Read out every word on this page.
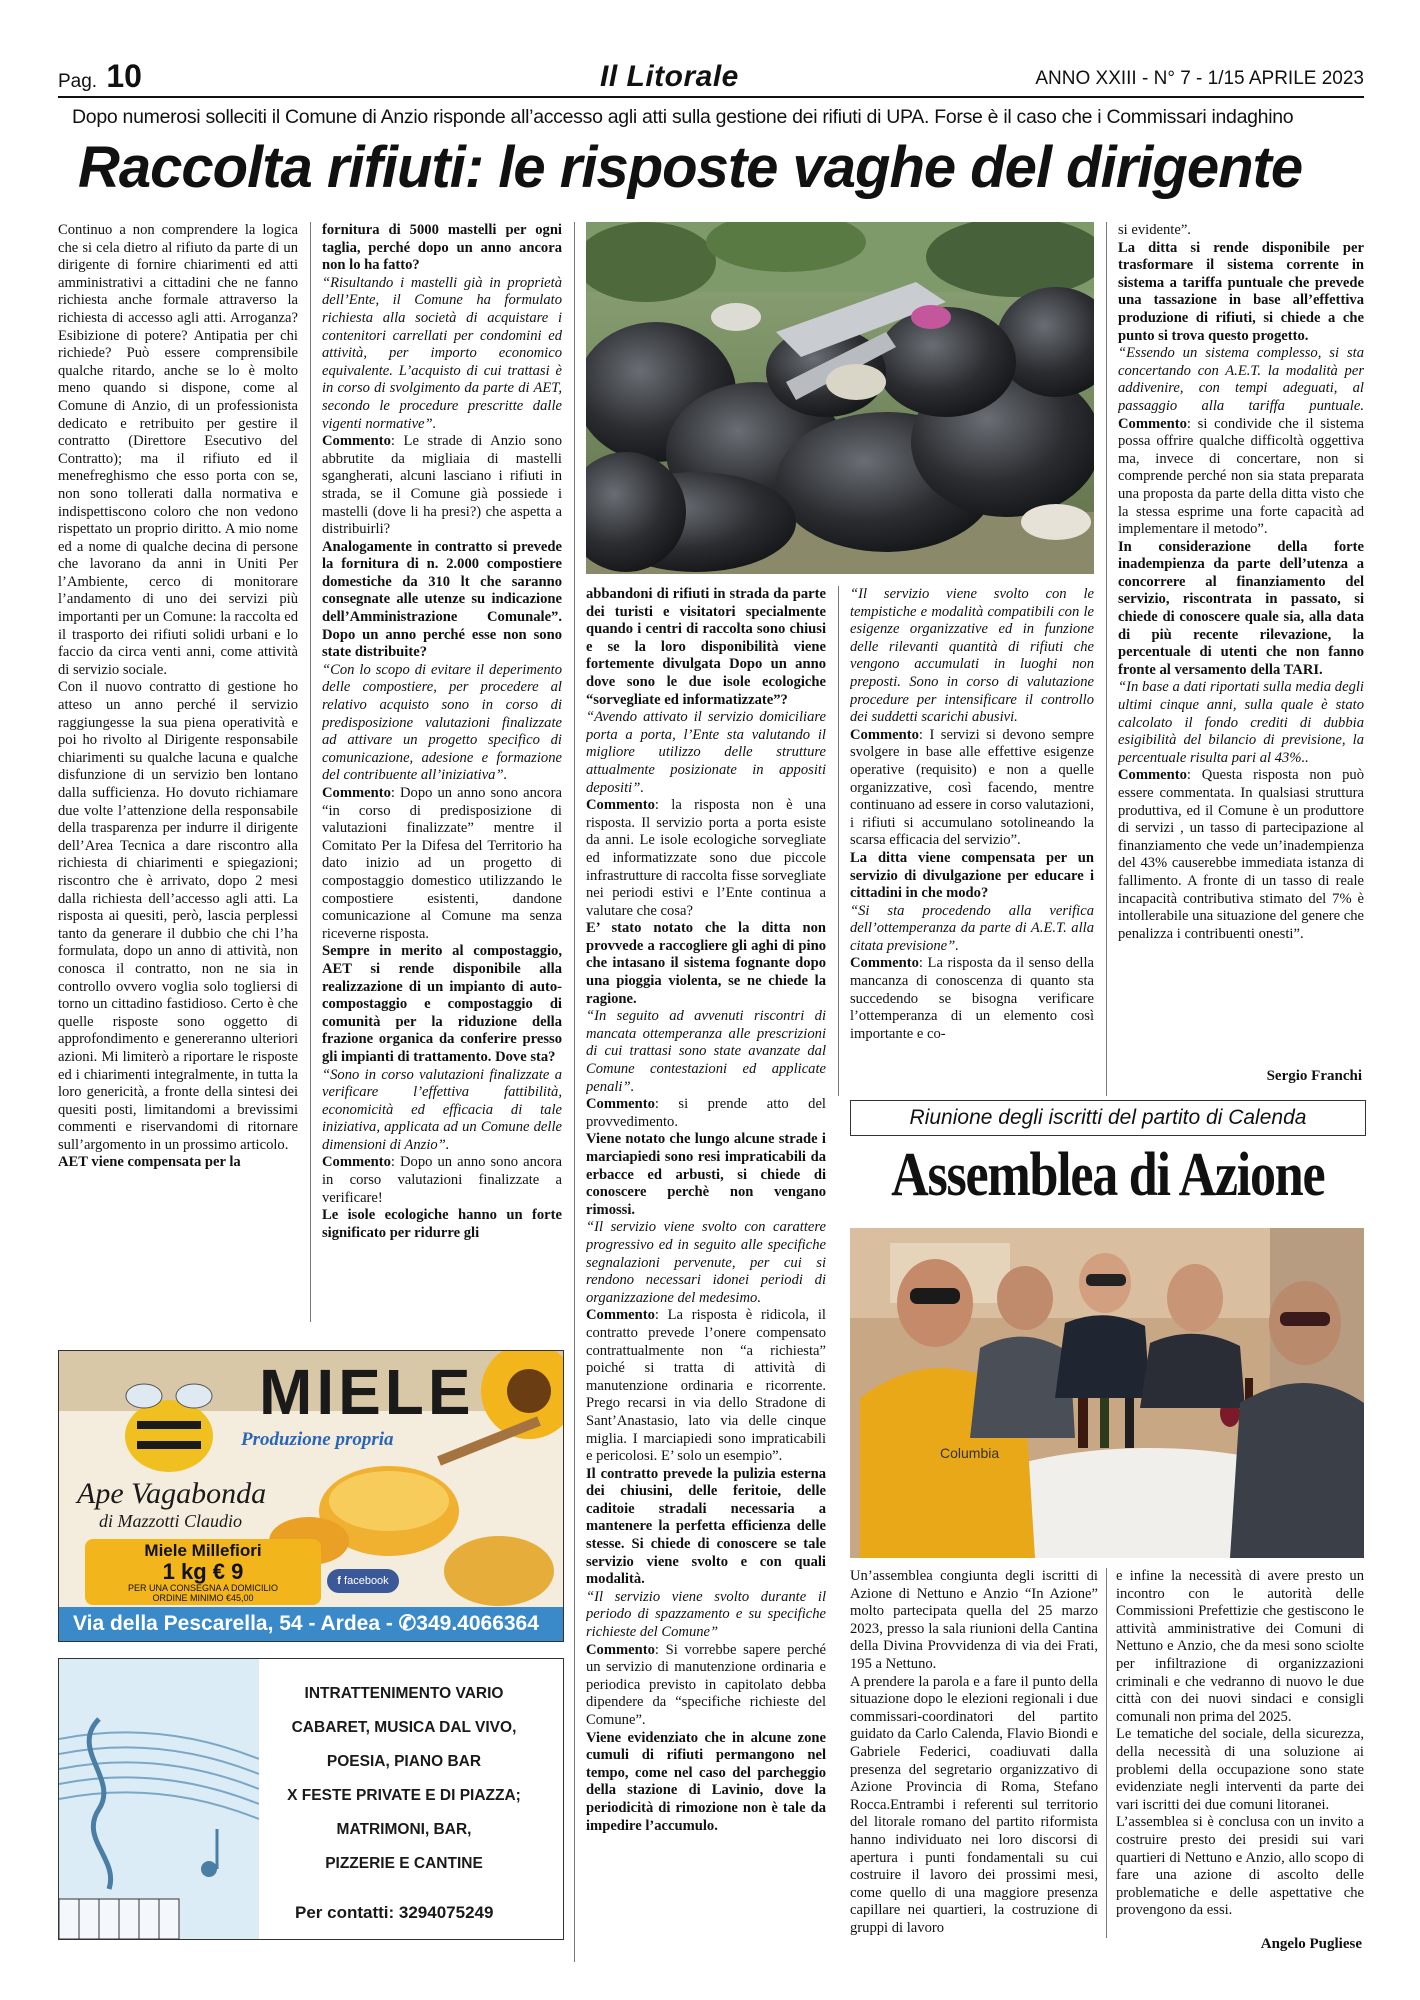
Pag. 10	Il Litorale	ANNO XXIII - N° 7 - 1/15 APRILE 2023
Dopo numerosi solleciti il Comune di Anzio risponde all’accesso agli atti sulla gestione dei rifiuti di UPA. Forse è il caso che i Commissari indaghino
Raccolta rifiuti: le risposte vaghe del dirigente

Continuo a non comprendere la logica che si cela dietro al rifiuto da parte di un dirigente di fornire chiarimenti ed atti amministrativi a cittadini che ne fanno richiesta anche formale attraverso la richiesta di accesso agli atti. Arroganza? Esibizione di potere? Antipatia per chi richiede? Può essere comprensibile qualche ritardo, anche se lo è molto meno quando si dispone, come al Comune di Anzio, di un professionista dedicato e retribuito per gestire il contratto (Direttore Esecutivo del Contratto); ma il rifiuto ed il menefreghismo che esso porta con se, non sono tollerati dalla normativa e indispettiscono coloro che non vedono rispettato un proprio diritto. A mio nome ed a nome di qualche decina di persone che lavorano da anni in Uniti Per l’Ambiente, cerco di monitorare l’andamento di uno dei servizi più importanti per un Comune: la raccolta ed il trasporto dei rifiuti solidi urbani e lo faccio da circa venti anni, come attività di servizio sociale.

Con il nuovo contratto di gestione ho atteso un anno perché il servizio raggiungesse la sua piena operatività e poi ho rivolto al Dirigente responsabile chiarimenti su qualche lacuna e qualche disfunzione di un servizio ben lontano dalla sufficienza. Ho dovuto richiamare due volte l’attenzione della responsabile della trasparenza per indurre il dirigente dell’Area Tecnica a dare riscontro alla richiesta di chiarimenti e spiegazioni; riscontro che è arrivato, dopo 2 mesi dalla richiesta dell’accesso agli atti. La risposta ai quesiti, però, lascia perplessi tanto da generare il dubbio che chi l’ha formulata, dopo un anno di attività, non conosca il contratto, non ne sia in controllo ovvero voglia solo togliersi di torno un cittadino fastidioso. Certo è che quelle risposte sono oggetto di approfondimento e genereranno ulteriori azioni. Mi limiterò a riportare le risposte ed i chiarimenti integralmente, in tutta la loro genericità, a fronte della sintesi dei quesiti posti, limitandomi a brevissimi commenti e riservandomi di ritornare sull’argomento in un prossimo articolo.

AET viene compensata per la

fornitura di 5000 mastelli per ogni taglia, perché dopo un anno ancora non lo ha fatto?

“Risultando i mastelli già in proprietà dell’Ente, il Comune ha formulato richiesta alla società di acquistare i contenitori carrellati per condomini ed attività, per importo economico equivalente. L’acquisto di cui trattasi è in corso di svolgimento da parte di AET, secondo le procedure prescritte dalle vigenti normative”.

Commento: Le strade di Anzio sono abbrutite da migliaia di mastelli sgangherati, alcuni lasciano i rifiuti in strada, se il Comune già possiede i mastelli (dove li ha presi?) che aspetta a distribuirli?

Analogamente in contratto si prevede la fornitura di n. 2.000 compostiere domestiche da 310 lt che saranno consegnate alle utenze su indicazione dell’Amministrazione Comunale”. Dopo un anno perché esse non sono state distribuite?

“Con lo scopo di evitare il deperimento delle compostiere, per procedere al relativo acquisto sono in corso di predisposizione valutazioni finalizzate ad attivare un progetto specifico di comunicazione, adesione e formazione del contribuente all’iniziativa”.

Commento: Dopo un anno sono ancora “in corso di predisposizione di valutazioni finalizzate” mentre il Comitato Per la Difesa del Territorio ha dato inizio ad un progetto di compostaggio domestico utilizzando le compostiere esistenti, dandone comunicazione al Comune ma senza riceverne risposta.

Sempre in merito al compostaggio, AET si rende disponibile alla realizzazione di un impianto di auto-compostaggio e compostaggio di comunità per la riduzione della frazione organica da conferire presso gli impianti di trattamento. Dove sta?

“Sono in corso valutazioni finalizzate a verificare l’effettiva fattibilità, economicità ed efficacia di tale iniziativa, applicata ad un Comune delle dimensioni di Anzio”.

Commento: Dopo un anno sono ancora in corso valutazioni finalizzate a verificare!

Le isole ecologiche hanno un forte significato per ridurre gli

abbandoni di rifiuti in strada da parte dei turisti e visitatori specialmente quando i centri di raccolta sono chiusi e se la loro disponibilità viene fortemente divulgata Dopo un anno dove sono le due isole ecologiche “sorvegliate ed informatizzate”?

“Avendo attivato il servizio domiciliare porta a porta, l’Ente sta valutando il migliore utilizzo delle strutture attualmente posizionate in appositi depositi”.

Commento: la risposta non è una risposta. Il servizio porta a porta esiste da anni. Le isole ecologiche sorvegliate ed informatizzate sono due piccole infrastrutture di raccolta fisse sorvegliate nei periodi estivi e l’Ente continua a valutare che cosa?

E’ stato notato che la ditta non provvede a raccogliere gli aghi di pino che intasano il sistema fognante dopo una pioggia violenta, se ne chiede la ragione.

“In seguito ad avvenuti riscontri di mancata ottemperanza alle prescrizioni di cui trattasi sono state avanzate dal Comune contestazioni ed applicate penali”.

Commento: si prende atto del provvedimento.

Viene notato che lungo alcune strade i marciapiedi sono resi impraticabili da erbacce ed arbusti, si chiede di conoscere perchè non vengano rimossi.

“Il servizio viene svolto con carattere progressivo ed in seguito alle specifiche segnalazioni pervenute, per cui si rendono necessari idonei periodi di organizzazione del medesimo.

Commento: La risposta è ridicola, il contratto prevede l’onere compensato contrattualmente non “a richiesta” poiché si tratta di attività di manutenzione ordinaria e ricorrente. Prego recarsi in via dello Stradone di Sant’Anastasio, lato via delle cinque miglia. I marciapiedi sono impraticabili e pericolosi. E’ solo un esempio”.

Il contratto prevede la pulizia esterna dei chiusini, delle feritoie, delle caditoie stradali necessaria a mantenere la perfetta efficienza delle stesse. Si chiede di conoscere se tale servizio viene svolto e con quali modalità.

“Il servizio viene svolto durante il periodo di spazzamento e su specifiche richieste del Comune”

Commento: Si vorrebbe sapere perché un servizio di manutenzione ordinaria e periodica previsto in capitolato debba dipendere da “specifiche richieste del Comune”.

Viene evidenziato che in alcune zone cumuli di rifiuti permangono nel tempo, come nel caso del parcheggio della stazione di Lavinio, dove la periodicità di rimozione non è tale da impedire l’accumulo.

“Il servizio viene svolto con le tempistiche e modalità compatibili con le esigenze organizzative ed in funzione delle rilevanti quantità di rifiuti che vengono accumulati in luoghi non preposti. Sono in corso di valutazione procedure per intensificare il controllo dei suddetti scarichi abusivi.

Commento: I servizi si devono sempre svolgere in base alle effettive esigenze operative (requisito) e non a quelle organizzative, così facendo, mentre continuano ad essere in corso valutazioni, i rifiuti si accumulano sotolineando la scarsa efficacia del servizio”.

La ditta viene compensata per un servizio di divulgazione per educare i cittadini in che modo?

“Si sta procedendo alla verifica dell’ottemperanza da parte di A.E.T. alla citata previsione”.

Commento: La risposta da il senso della mancanza di conoscenza di quanto sta succedendo se bisogna verificare l’ottemperanza di un elemento così importante e co-

si evidente”.

La ditta si rende disponibile per trasformare il sistema corrente in sistema a tariffa puntuale che prevede una tassazione in base all’effettiva produzione di rifiuti, si chiede a che punto si trova questo progetto.

“Essendo un sistema complesso, si sta concertando con A.E.T. la modalità per addivenire, con tempi adeguati, al passaggio alla tariffa puntuale. Commento: si condivide che il sistema possa offrire qualche difficoltà oggettiva ma, invece di concertare, non si comprende perché non sia stata preparata una proposta da parte della ditta visto che la stessa esprime una forte capacità ad implementare il metodo”.

In considerazione della forte inadempienza da parte dell’utenza a concorrere al finanziamento del servizio, riscontrata in passato, si chiede di conoscere quale sia, alla data di più recente rilevazione, la percentuale di utenti che non fanno fronte al versamento della TARI.

“In base a dati riportati sulla media degli ultimi cinque anni, sulla quale è stato calcolato il fondo crediti di dubbia esigibilità del bilancio di previsione, la percentuale risulta pari al 43%..

Commento: Questa risposta non può essere commentata. In qualsiasi struttura produttiva, ed il Comune è un produttore di servizi , un tasso di partecipazione al finanziamento che vede un’inadempienza del 43% causerebbe immediata istanza di fallimento. A fronte di un tasso di reale incapacità contributiva stimato del 7% è intollerabile una situazione del genere che penalizza i contribuenti onesti”.

Sergio Franchi
Riunione degli iscritti del partito di Calenda
Assemblea di Azione
Columbia

Un’assemblea congiunta degli iscritti di Azione di Nettuno e Anzio “In Azione” molto partecipata quella del 25 marzo 2023, presso la sala riunioni della Cantina della Divina Provvidenza di via dei Frati, 195 a Nettuno.

A prendere la parola e a fare il punto della situazione dopo le elezioni regionali i due commissari-coordinatori del partito guidato da Carlo Calenda, Flavio Biondi e Gabriele Federici, coadiuvati dalla presenza del segretario organizzativo di Azione Provincia di Roma, Stefano Rocca.Entrambi i referenti sul territorio del litorale romano del partito riformista hanno individuato nei loro discorsi di apertura i punti fondamentali su cui costruire il lavoro dei prossimi mesi, come quello di una maggiore presenza capillare nei quartieri, la costruzione di gruppi di lavoro

e infine la necessità di avere presto un incontro con le autorità delle Commissioni Prefettizie che gestiscono le attività amministrative dei Comuni di Nettuno e Anzio, che da mesi sono sciolte per infiltrazione di organizzazioni criminali e che vedranno di nuovo le due città con dei nuovi sindaci e consigli comunali non prima del 2025.

Le tematiche del sociale, della sicurezza, della necessità di una soluzione ai problemi della occupazione sono state evidenziate negli interventi da parte dei vari iscritti dei due comuni litoranei.

L’assemblea si è conclusa con un invito a costruire presto dei presidi sui vari quartieri di Nettuno e Anzio, allo scopo di fare una azione di ascolto delle problematiche e delle aspettative che provengono da essi.

Angelo Pugliese
MIELE
Produzione propria
Ape Vagabonda
di Mazzotti Claudio
Miele Millefiori
1 kg € 9
PER UNA CONSEGNA A DOMICILIO
ORDINE MINIMO €45,00
f facebook
Via della Pescarella, 54 - Ardea - ✆349.4066364
INTRATTENIMENTO VARIO
CABARET, MUSICA DAL VIVO,
POESIA, PIANO BAR
X FESTE PRIVATE E DI PIAZZA;
MATRIMONI, BAR,
PIZZERIE E CANTINE
Per contatti: 3294075249
